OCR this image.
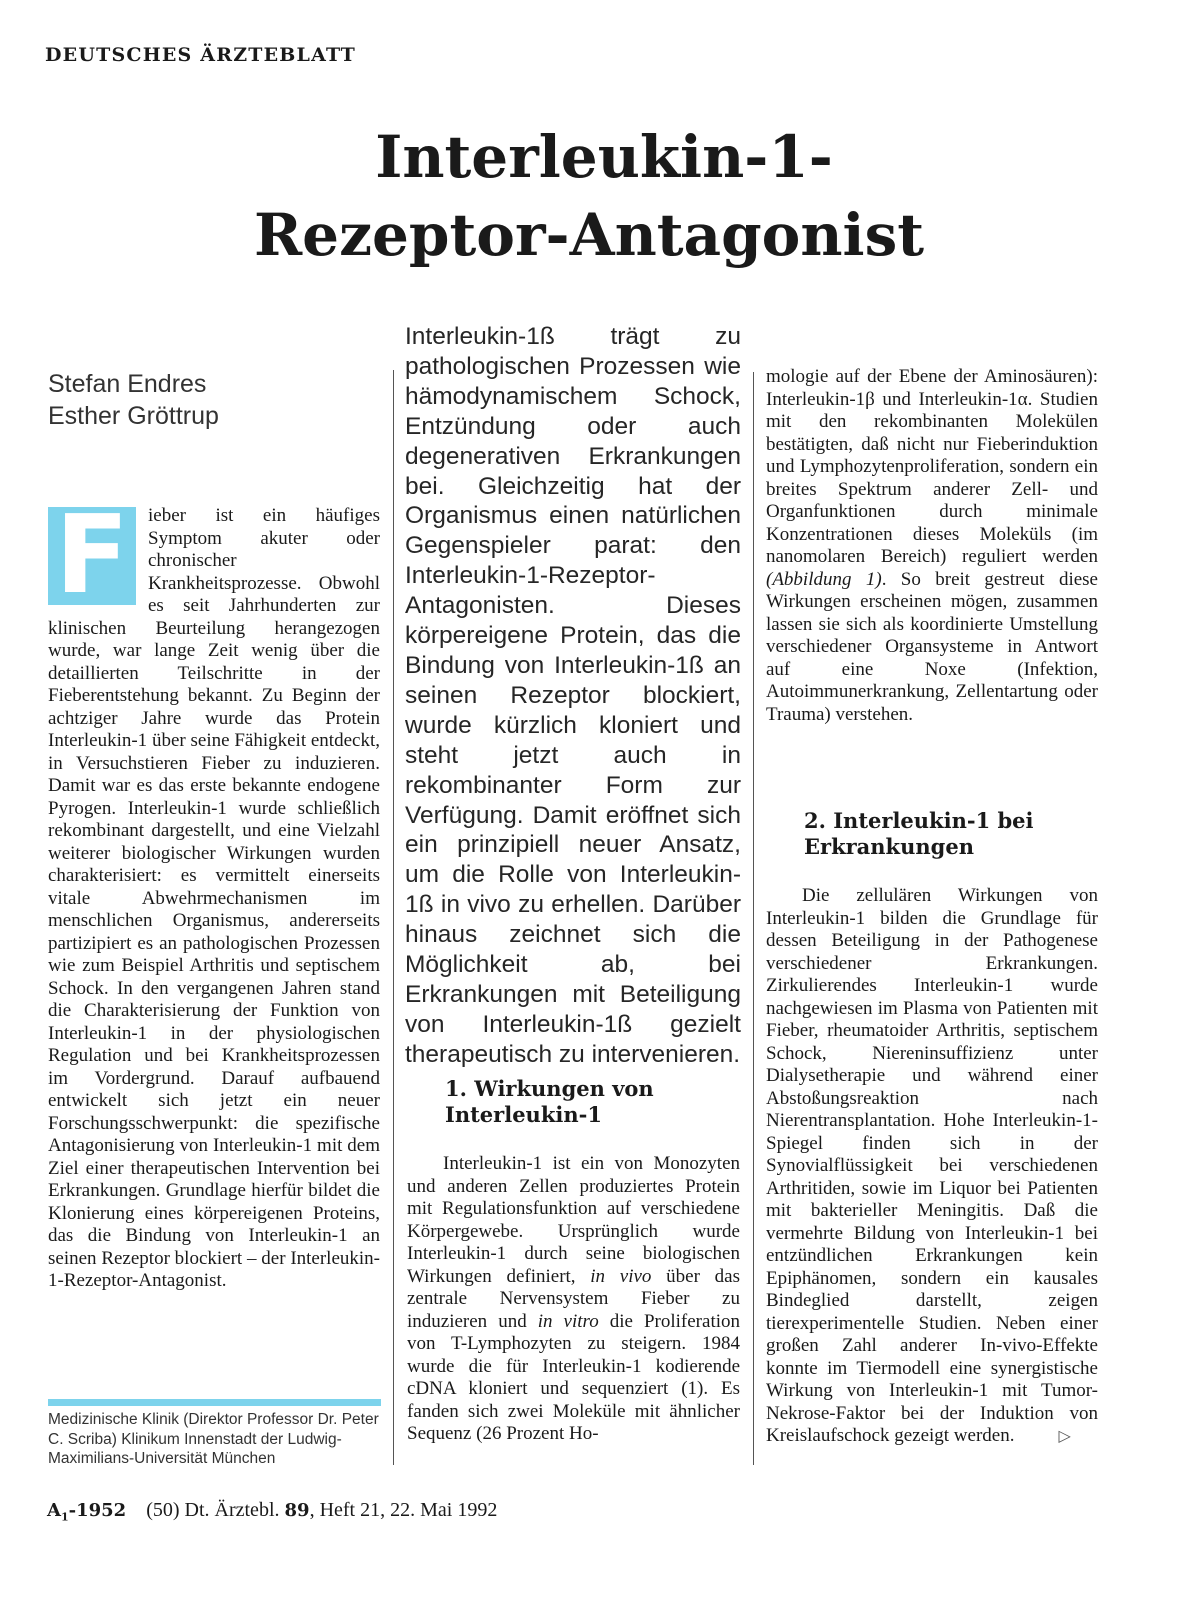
DEUTSCHES ÄRZTEBLATT
Interleukin-1-
Rezeptor-Antagonist
Stefan Endres
Esther Gröttrup
F	ieber ist ein häufiges Symptom akuter oder chronischer Krankheitsprozesse. Obwohl es seit Jahrhunderten zur klinischen Beurteilung herangezogen wurde, war lange Zeit wenig über die detaillierten Teilschritte in der Fieberentstehung bekannt. Zu Beginn der achtziger Jahre wurde das Protein Interleukin-1 über seine Fähigkeit entdeckt, in Versuchstieren Fieber zu induzieren. Damit war es das erste bekannte endogene Pyrogen. Interleukin-1 wurde schließlich rekombinant dargestellt, und eine Vielzahl weiterer biologischer Wirkungen wurden charakterisiert: es vermittelt einerseits vitale Abwehrmechanismen im menschlichen Organismus, andererseits partizipiert es an pathologischen Prozessen wie zum Beispiel Arthritis und septischem Schock. In den vergangenen Jahren stand die Charakterisierung der Funktion von Interleukin-1 in der physiologischen Regulation und bei Krankheitsprozessen im Vordergrund. Darauf aufbauend entwickelt sich jetzt ein neuer Forschungsschwerpunkt: die spezifische Antagonisierung von Interleukin-1 mit dem Ziel einer therapeutischen Intervention bei Erkrankungen. Grundlage hierfür bildet die Klonierung eines körpereigenen Proteins, das die Bindung von Interleukin-1 an seinen Rezeptor blockiert – der Interleukin-1-Rezeptor-Antagonist.
Medizinische Klinik (Direktor Professor Dr. Peter C. Scriba) Klinikum Innenstadt der Ludwig-Maximilians-Universität München
Interleukin-1ß trägt zu pathologischen Prozessen wie hämodynamischem Schock, Entzündung oder auch degenerativen Erkrankungen bei. Gleichzeitig hat der Organismus einen natürlichen Gegenspieler parat: den Interleukin-1-Rezeptor-Antagonisten. Dieses körpereigene Protein, das die Bindung von Interleukin-1ß an seinen Rezeptor blockiert, wurde kürzlich kloniert und steht jetzt auch in rekombinanter Form zur Verfügung. Damit eröffnet sich ein prinzipiell neuer Ansatz, um die Rolle von Interleukin-1ß in vivo zu erhellen. Darüber hinaus zeichnet sich die Möglichkeit ab, bei Erkrankungen mit Beteiligung von Interleukin-1ß gezielt therapeutisch zu intervenieren.
1. Wirkungen von Interleukin-1
Interleukin-1 ist ein von Monozyten und anderen Zellen produziertes Protein mit Regulationsfunktion auf verschiedene Körpergewebe. Ursprünglich wurde Interleukin-1 durch seine biologischen Wirkungen definiert, in vivo über das zentrale Nervensystem Fieber zu induzieren und in vitro die Proliferation von T-Lymphozyten zu steigern. 1984 wurde die für Interleukin-1 kodierende cDNA kloniert und sequenziert (1). Es fanden sich zwei Moleküle mit ähnlicher Sequenz (26 Prozent Ho-
mologie auf der Ebene der Aminosäuren): Interleukin-1β und Interleukin-1α. Studien mit den rekombinanten Molekülen bestätigten, daß nicht nur Fieberinduktion und Lymphozytenproliferation, sondern ein breites Spektrum anderer Zell- und Organfunktionen durch minimale Konzentrationen dieses Moleküls (im nanomolaren Bereich) reguliert werden (Abbildung 1). So breit gestreut diese Wirkungen erscheinen mögen, zusammen lassen sie sich als koordinierte Umstellung verschiedener Organsysteme in Antwort auf eine Noxe (Infektion, Autoimmunerkrankung, Zellentartung oder Trauma) verstehen.
2. Interleukin-1 bei Erkrankungen
Die zellulären Wirkungen von Interleukin-1 bilden die Grundlage für dessen Beteiligung in der Pathogenese verschiedener Erkrankungen. Zirkulierendes Interleukin-1 wurde nachgewiesen im Plasma von Patienten mit Fieber, rheumatoider Arthritis, septischem Schock, Niereninsuffizienz unter Dialysetherapie und während einer Abstoßungsreaktion nach Nierentransplantation. Hohe Interleukin-1-Spiegel finden sich in der Synovialflüssigkeit bei verschiedenen Arthritiden, sowie im Liquor bei Patienten mit bakterieller Meningitis. Daß die vermehrte Bildung von Interleukin-1 bei entzündlichen Erkrankungen kein Epiphänomen, sondern ein kausales Bindeglied darstellt, zeigen tierexperimentelle Studien. Neben einer großen Zahl anderer In-vivo-Effekte konnte im Tiermodell eine synergistische Wirkung von Interleukin-1 mit Tumor-Nekrose-Faktor bei der Induktion von Kreislaufschock gezeigt werden.	▷
$A_1-1952$ (50) Dt. Ärztebl. 89, Heft 21, 22. Mai 1992
